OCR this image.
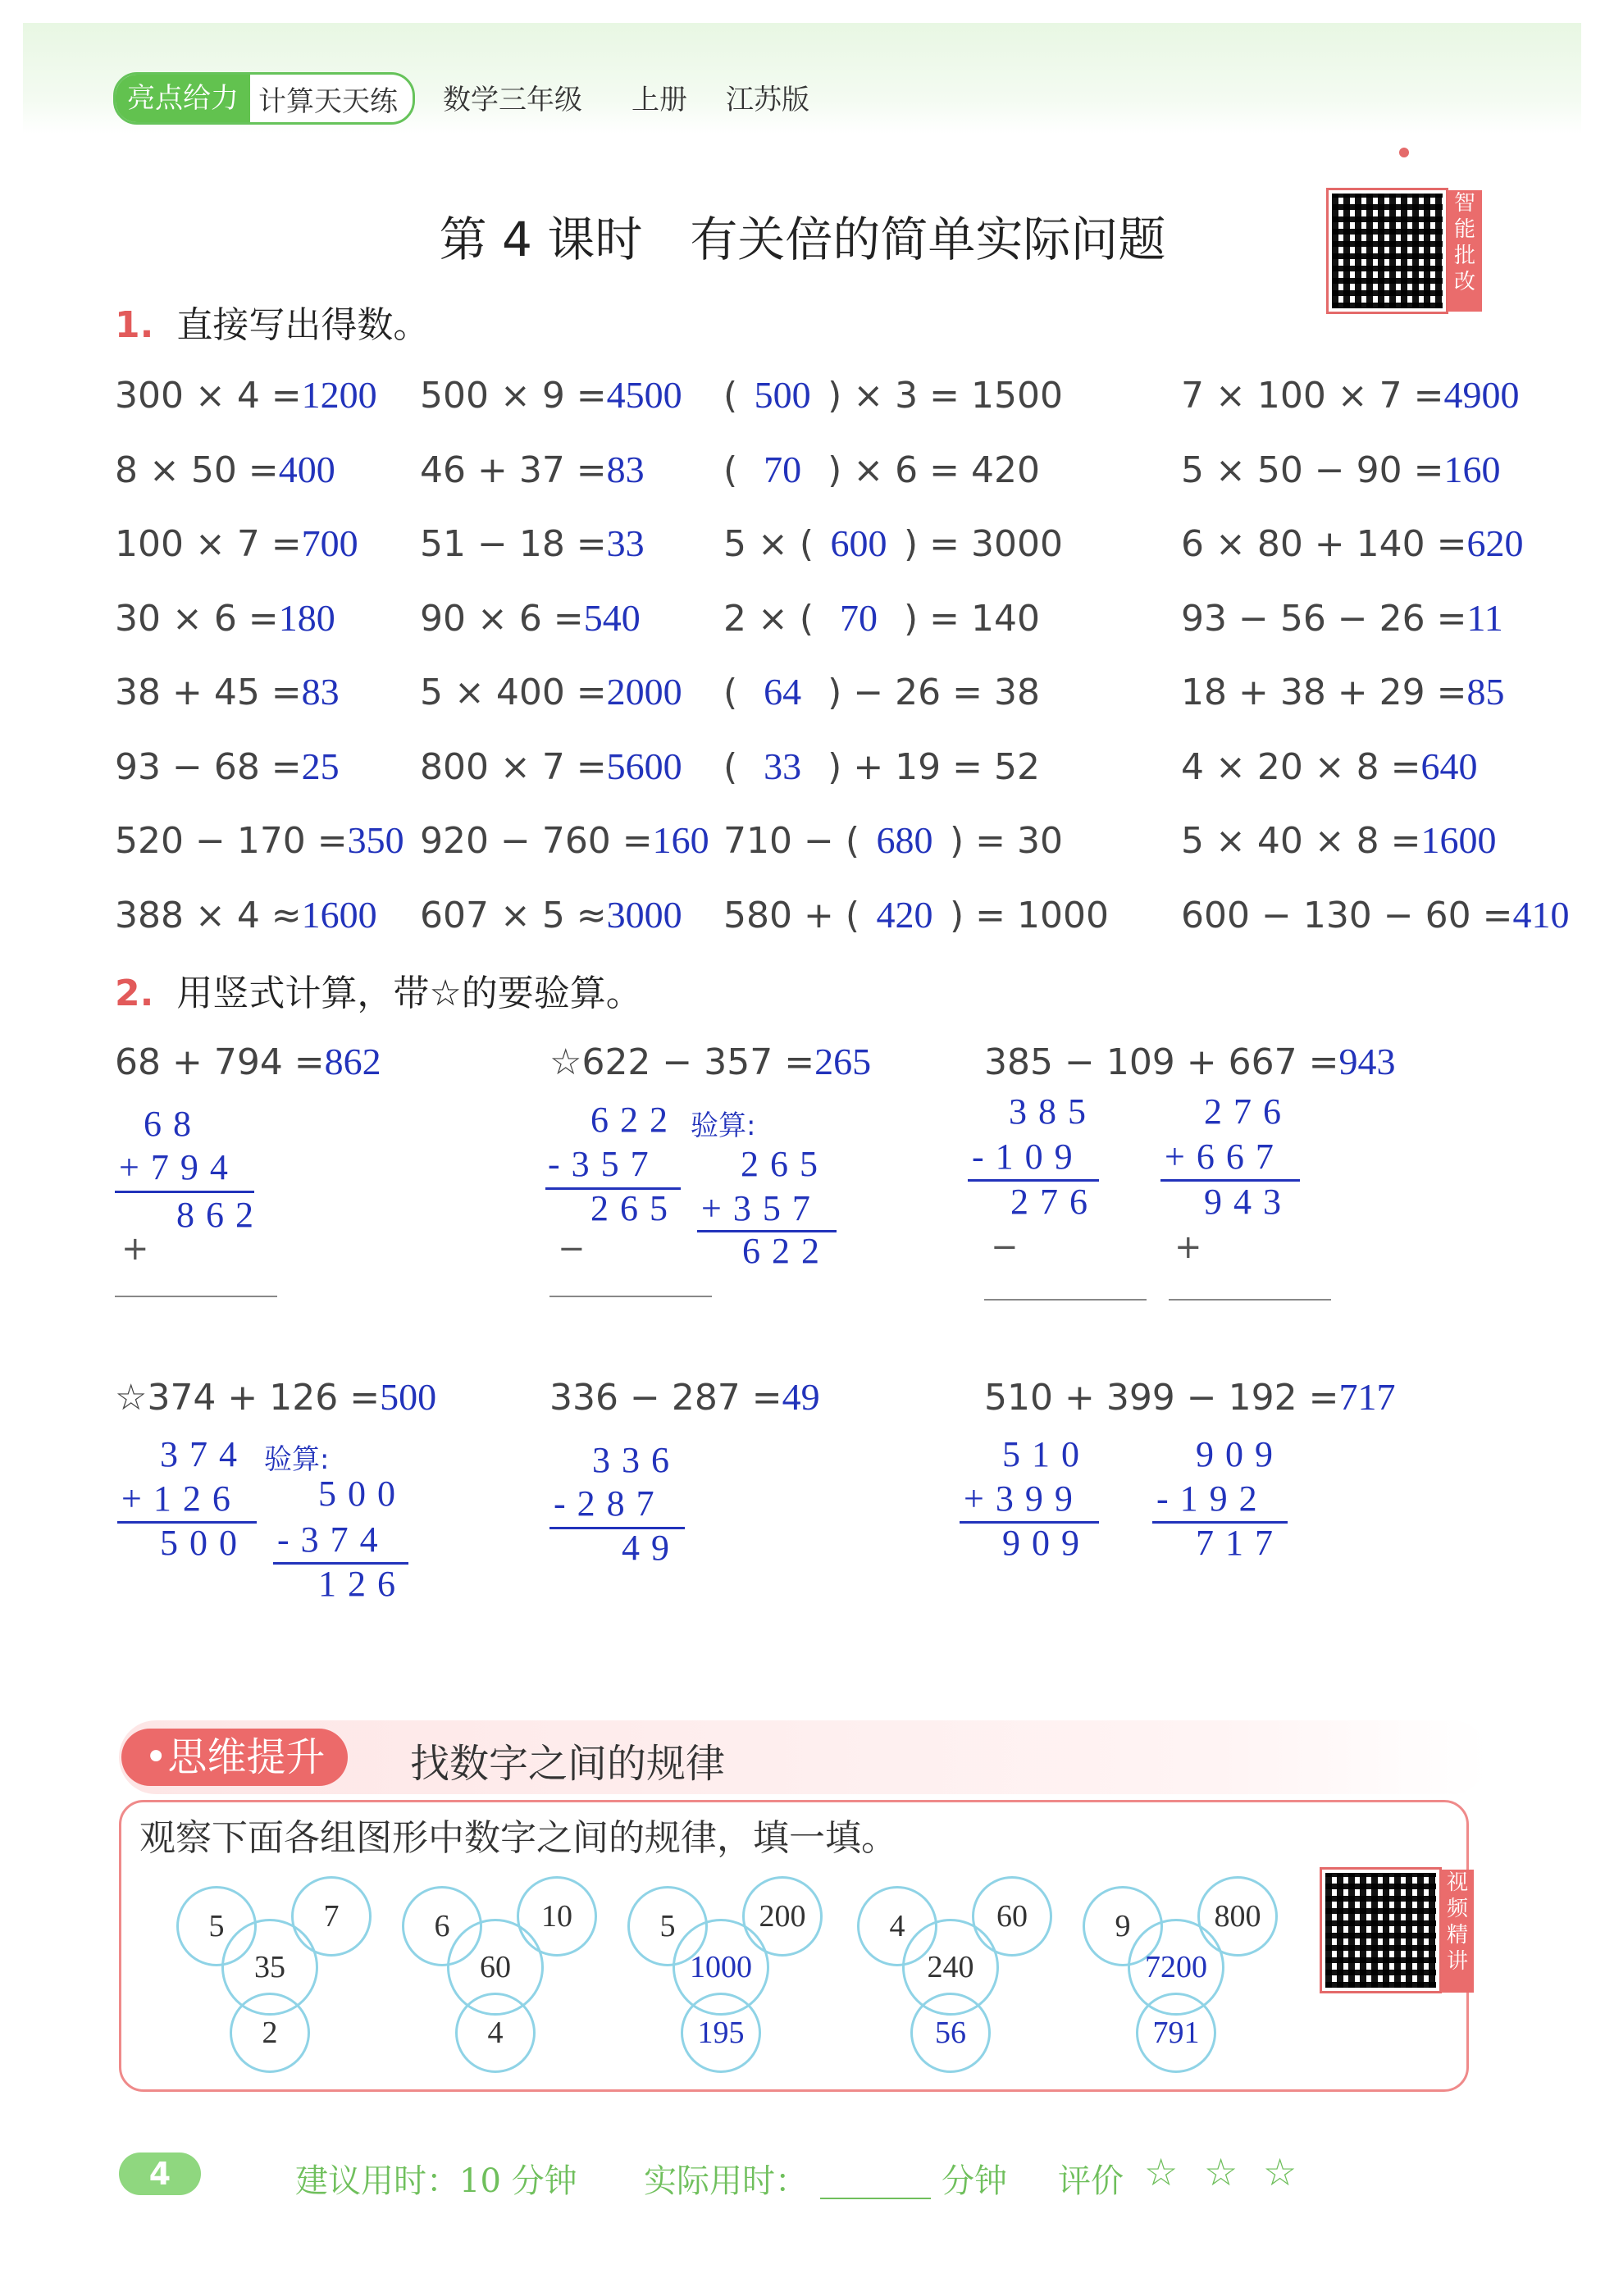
亮点给力 计算天天练	数学三年级 上册 江苏版
第 4 课时　有关倍的简单实际问题
智
能
批
改
1. 直接写出得数。
300 × 4 =1200 500 × 9 =4500 ( 500 ) × 3 = 1500	7 × 100 × 7 =4900
8 × 50 =400 46 + 37 =83 ( 70 ) × 6 = 420	5 × 50 − 90 =160
100 × 7 =700 51 − 18 =33 5 × ( 600 ) = 3000	6 × 80 + 140 =620
30 × 6 =180 90 × 6 =540 2 × ( 70 ) = 140	93 − 56 − 26 =11
38 + 45 =83 5 × 400 =2000 ( 64 ) − 26 = 38	18 + 38 + 29 =85
93 − 68 =25 800 × 7 =5600 ( 33 ) + 19 = 52	4 × 20 × 8 =640
520 − 170 =350 920 − 760 =160 710 − ( 680 ) = 30	5 × 40 × 8 =1600
388 × 4 ≈1600 607 × 5 ≈3000 580 + ( 420 ) = 1000 600 − 130 − 60 =410
2. 用竖式计算，带☆的要验算。
68 + 794 =862
68
+794
862
+
☆622 − 357 =265
622 验算:
-357 265
265 +357
622
−
385 − 109 + 667 =943
385
-109
276
276
+667
943
−	+
☆374 + 126 =500
374 验算:
+126 500
500 -374
126
336 − 287 =49
336
-287
49
510 + 399 − 192 =717
510
+399
909
909
-192
717
•思维提升	找数字之间的规律
观察下面各组图形中数字之间的规律，填一填。
5	7
35
2
6	10
60
4
5	200
1000
195
4	60
240
56
9	800
7200
791
视
频
精
讲
4	建议用时：10 分钟 实际用时：	分钟 评价 ☆ ☆ ☆
